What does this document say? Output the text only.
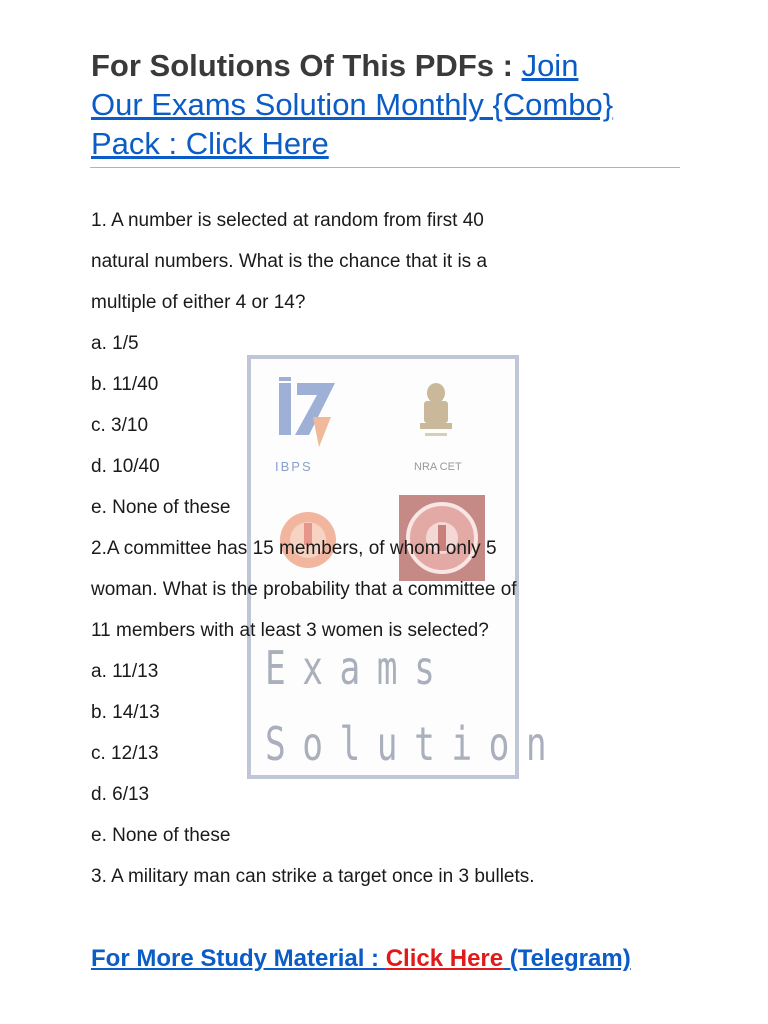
For Solutions Of This PDFs : Join
Our Exams Solution Monthly {Combo}
Pack : Click Here
IBPS	NRA CET
Exams
Solution
1. A number is selected at random from first 40
natural numbers. What is the chance that it is a
multiple of either 4 or 14?
a. 1/5
b. 11/40
c. 3/10
d. 10/40
e. None of these
2.A committee has 15 members, of whom only 5
woman. What is the probability that a committee of
11 members with at least 3 women is selected?
a. 11/13
b. 14/13
c. 12/13
d. 6/13
e. None of these
3. A military man can strike a target once in 3 bullets.
For More Study Material : Click Here (Telegram)
